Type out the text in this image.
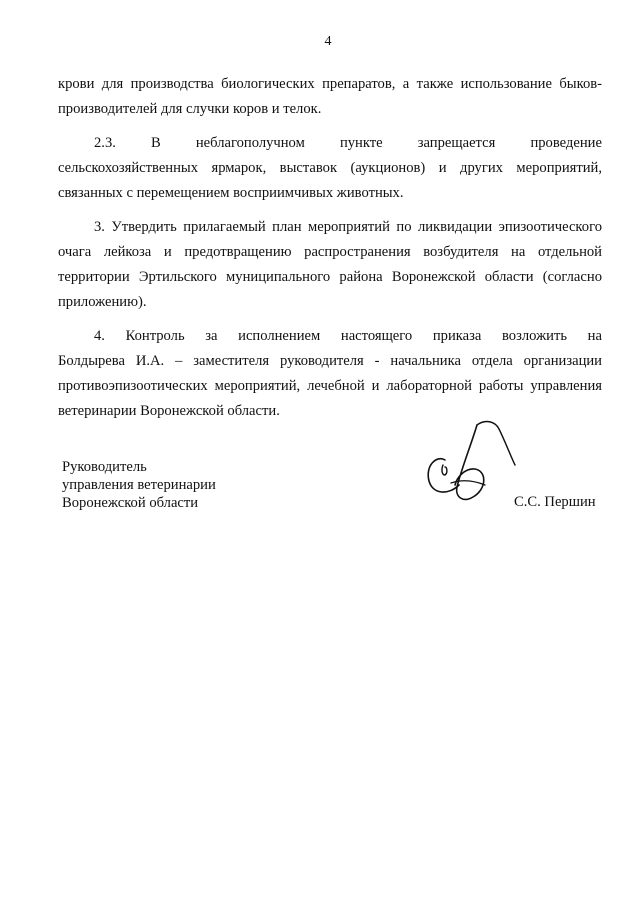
4

крови для производства биологических препаратов, а также использование быков-

производителей для случки коров и телок.

2.3. В неблагополучном пункте запрещается проведение

сельскохозяйственных ярмарок, выставок (аукционов) и других мероприятий, связанных с перемещением восприимчивых животных.

3. Утвердить прилагаемый план мероприятий по ликвидации эпизоотического очага лейкоза и предотвращению распространения возбудителя на отдельной территории Эртильского муниципального района Воронежской области (согласно приложению).

4. Контроль за исполнением настоящего приказа возложить на

Болдырева И.А. – заместителя руководителя - начальника отдела организации противоэпизоотических мероприятий, лечебной и лабораторной работы управления ветеринарии Воронежской области.

Руководитель
управления ветеринарии
Воронежской области	С.С. Першин
